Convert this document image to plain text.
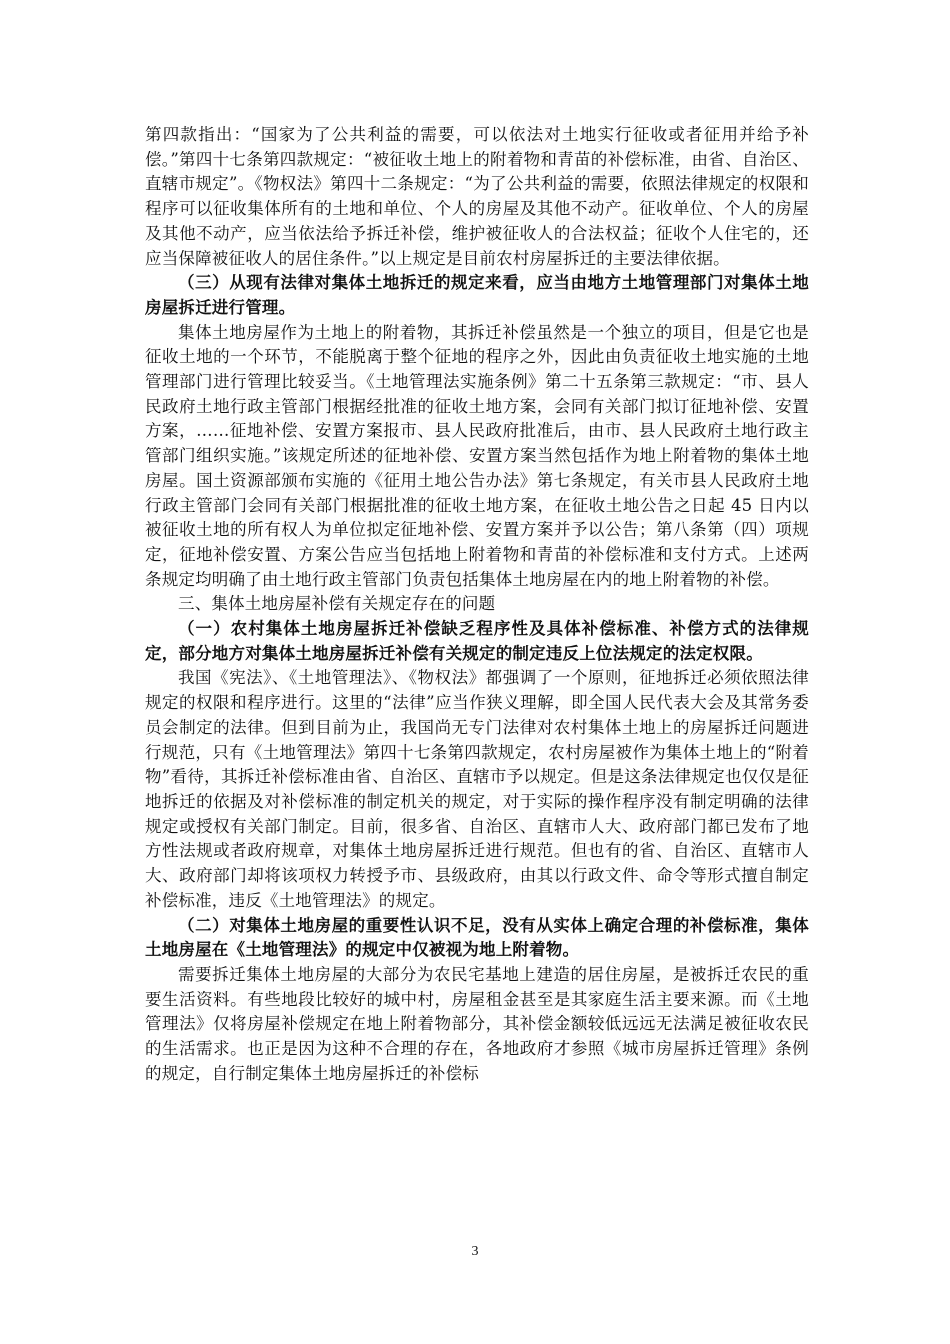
第四款指出：“国家为了公共利益的需要，可以依法对土地实行征收或者征用并给予补偿。”第四十七条第四款规定：“被征收土地上的附着物和青苗的补偿标准，由省、自治区、直辖市规定”。《物权法》第四十二条规定：“为了公共利益的需要，依照法律规定的权限和程序可以征收集体所有的土地和单位、个人的房屋及其他不动产。征收单位、个人的房屋及其他不动产，应当依法给予拆迁补偿，维护被征收人的合法权益；征收个人住宅的，还应当保障被征收人的居住条件。”以上规定是目前农村房屋拆迁的主要法律依据。

（三）从现有法律对集体土地拆迁的规定来看，应当由地方土地管理部门对集体土地房屋拆迁进行管理。

集体土地房屋作为土地上的附着物，其拆迁补偿虽然是一个独立的项目，但是它也是征收土地的一个环节，不能脱离于整个征地的程序之外，因此由负责征收土地实施的土地管理部门进行管理比较妥当。《土地管理法实施条例》第二十五条第三款规定：“市、县人民政府土地行政主管部门根据经批准的征收土地方案，会同有关部门拟订征地补偿、安置方案，……征地补偿、安置方案报市、县人民政府批准后，由市、县人民政府土地行政主管部门组织实施。”该规定所述的征地补偿、安置方案当然包括作为地上附着物的集体土地房屋。国土资源部颁布实施的《征用土地公告办法》第七条规定，有关市县人民政府土地行政主管部门会同有关部门根据批准的征收土地方案，在征收土地公告之日起 45 日内以被征收土地的所有权人为单位拟定征地补偿、安置方案并予以公告；第八条第（四）项规定，征地补偿安置、方案公告应当包括地上附着物和青苗的补偿标准和支付方式。上述两条规定均明确了由土地行政主管部门负责包括集体土地房屋在内的地上附着物的补偿。

三、集体土地房屋补偿有关规定存在的问题

（一）农村集体土地房屋拆迁补偿缺乏程序性及具体补偿标准、补偿方式的法律规定，部分地方对集体土地房屋拆迁补偿有关规定的制定违反上位法规定的法定权限。

我国《宪法》、《土地管理法》、《物权法》都强调了一个原则，征地拆迁必须依照法律规定的权限和程序进行。这里的“法律”应当作狭义理解，即全国人民代表大会及其常务委员会制定的法律。但到目前为止，我国尚无专门法律对农村集体土地上的房屋拆迁问题进行规范，只有《土地管理法》第四十七条第四款规定，农村房屋被作为集体土地上的“附着物”看待，其拆迁补偿标准由省、自治区、直辖市予以规定。但是这条法律规定也仅仅是征地拆迁的依据及对补偿标准的制定机关的规定，对于实际的操作程序没有制定明确的法律规定或授权有关部门制定。目前，很多省、自治区、直辖市人大、政府部门都已发布了地方性法规或者政府规章，对集体土地房屋拆迁进行规范。但也有的省、自治区、直辖市人大、政府部门却将该项权力转授予市、县级政府，由其以行政文件、命令等形式擅自制定补偿标准，违反《土地管理法》的规定。

（二）对集体土地房屋的重要性认识不足，没有从实体上确定合理的补偿标准，集体土地房屋在《土地管理法》的规定中仅被视为地上附着物。

需要拆迁集体土地房屋的大部分为农民宅基地上建造的居住房屋，是被拆迁农民的重要生活资料。有些地段比较好的城中村，房屋租金甚至是其家庭生活主要来源。而《土地管理法》仅将房屋补偿规定在地上附着物部分，其补偿金额较低远远无法满足被征收农民的生活需求。也正是因为这种不合理的存在，各地政府才参照《城市房屋拆迁管理》条例的规定，自行制定集体土地房屋拆迁的补偿标

3
